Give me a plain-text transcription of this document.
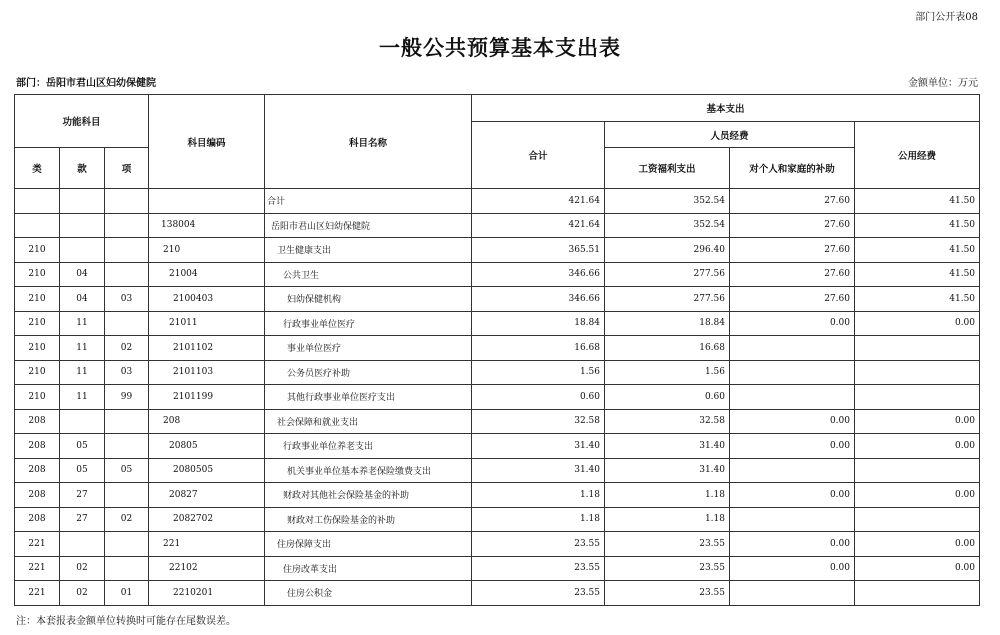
部门公开表08
一般公共预算基本支出表
部门：岳阳市君山区妇幼保健院	金额单位：万元
功能科目			科目编码	科目名称	基本支出			
					合计	人员经费		公用经费
类	款	项				工资福利支出	对个人和家庭的补助	
				合计	421.64	352.54	27.60	41.50
			138004	岳阳市君山区妇幼保健院	421.64	352.54	27.60	41.50
210			210	卫生健康支出	365.51	296.40	27.60	41.50
210	04		21004	公共卫生	346.66	277.56	27.60	41.50
210	04	03	2100403	妇幼保健机构	346.66	277.56	27.60	41.50
210	11		21011	行政事业单位医疗	18.84	18.84	0.00	0.00
210	11	02	2101102	事业单位医疗	16.68	16.68		
210	11	03	2101103	公务员医疗补助	1.56	1.56		
210	11	99	2101199	其他行政事业单位医疗支出	0.60	0.60		
208			208	社会保障和就业支出	32.58	32.58	0.00	0.00
208	05		20805	行政事业单位养老支出	31.40	31.40	0.00	0.00
208	05	05	2080505	机关事业单位基本养老保险缴费支出	31.40	31.40		
208	27		20827	财政对其他社会保险基金的补助	1.18	1.18	0.00	0.00
208	27	02	2082702	财政对工伤保险基金的补助	1.18	1.18		
221			221	住房保障支出	23.55	23.55	0.00	0.00
221	02		22102	住房改革支出	23.55	23.55	0.00	0.00
221	02	01	2210201	住房公积金	23.55	23.55		
注：本套报表金额单位转换时可能存在尾数误差。
